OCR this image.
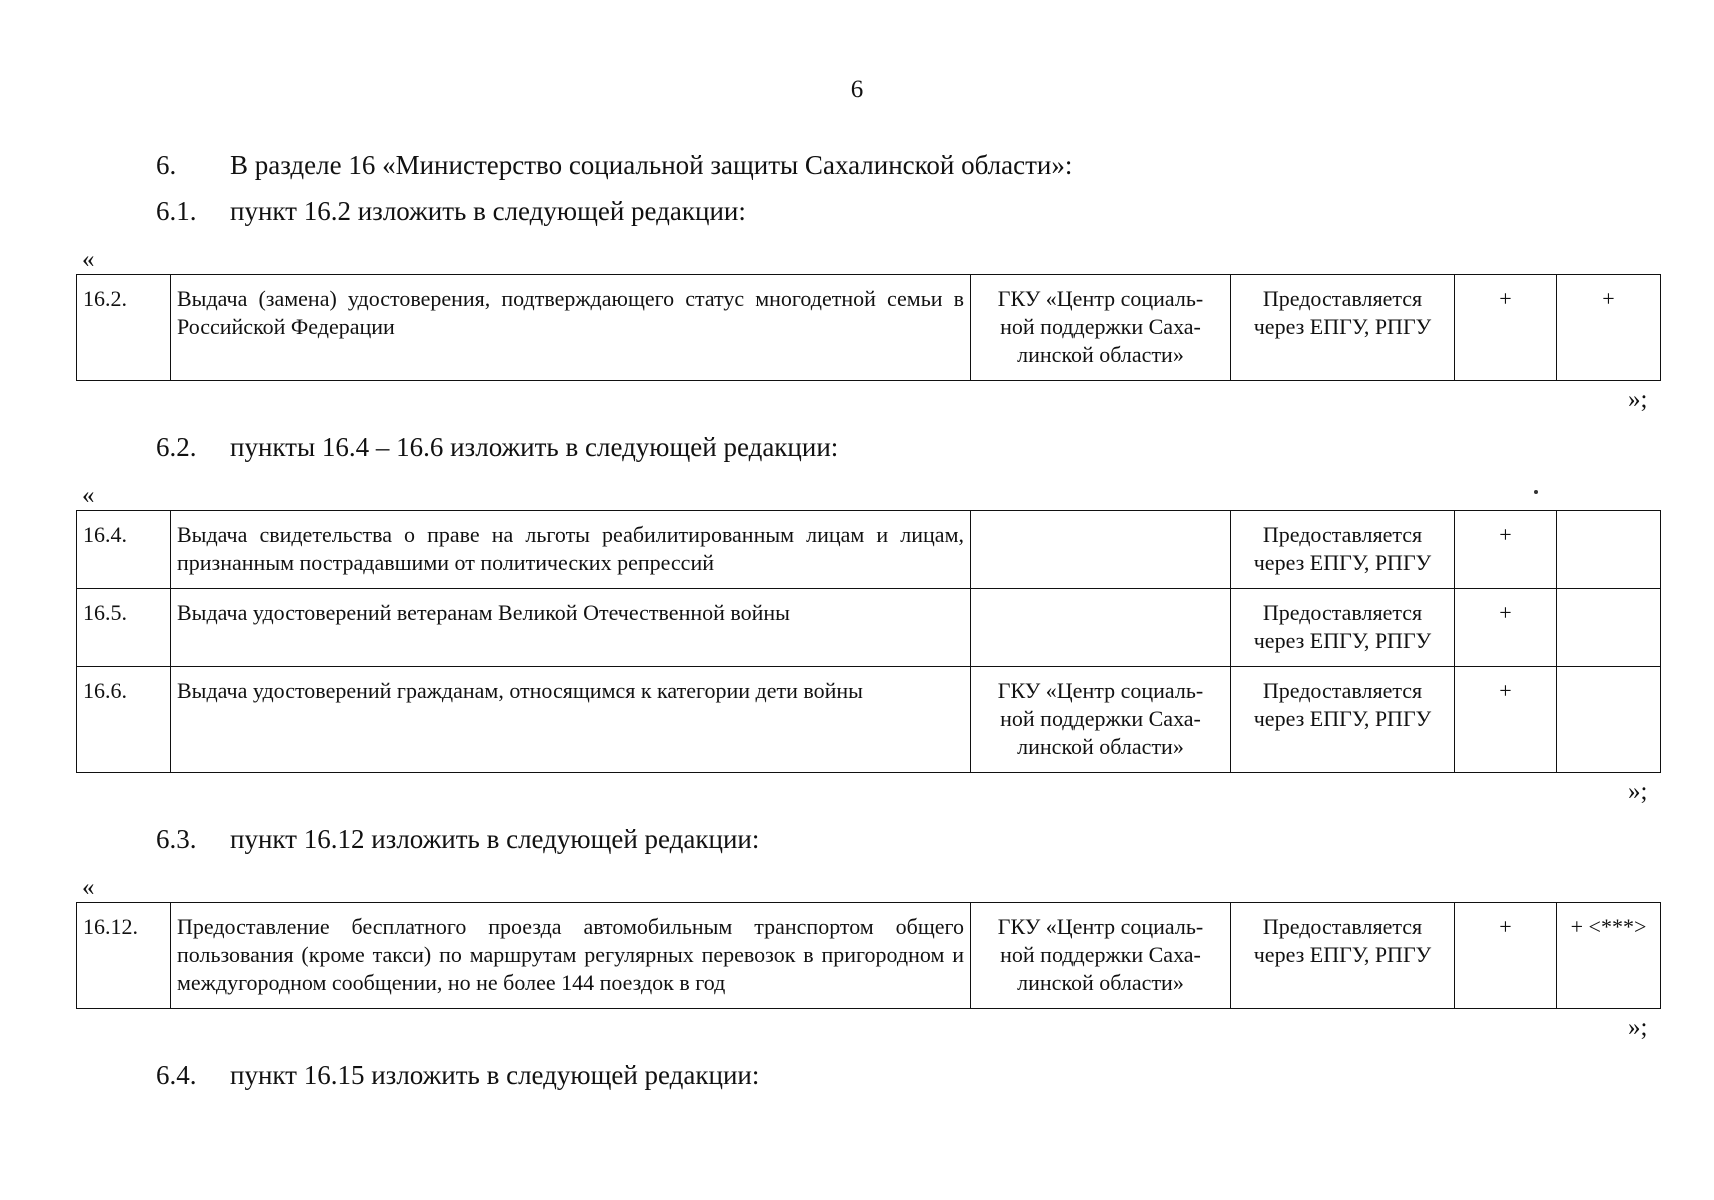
6
6. В разделе 16 «Министерство социальной защиты Сахалинской области»:
6.1. пункт 16.2 изложить в следующей редакции:
«
16.2.	Выдача (замена) удостоверения, подтверждающего статус многодетной семьи в Российской Федерации	ГКУ «Центр социаль-
ной поддержки Саха-
линской области»	Предоставляется
через ЕПГУ, РПГУ	+	+
»;
6.2. пункты 16.4 – 16.6 изложить в следующей редакции:
«
16.4.	Выдача свидетельства о праве на льготы реабилитированным лицам и лицам, признанным пострадавшими от политических репрессий		Предоставляется
через ЕПГУ, РПГУ	+	
16.5.	Выдача удостоверений ветеранам Великой Отечественной войны		Предоставляется
через ЕПГУ, РПГУ	+	
16.6.	Выдача удостоверений гражданам, относящимся к категории дети войны	ГКУ «Центр социаль-
ной поддержки Саха-
линской области»	Предоставляется
через ЕПГУ, РПГУ	+	
»;
6.3. пункт 16.12 изложить в следующей редакции:
«
16.12.	Предоставление бесплатного проезда автомобильным транспортом общего пользования (кроме такси) по маршрутам регулярных перевозок в пригородном и междугородном сообщении, но не более 144 поездок в год	ГКУ «Центр социаль-
ной поддержки Саха-
линской области»	Предоставляется
через ЕПГУ, РПГУ	+	+ <***>
»;
6.4. пункт 16.15 изложить в следующей редакции:
